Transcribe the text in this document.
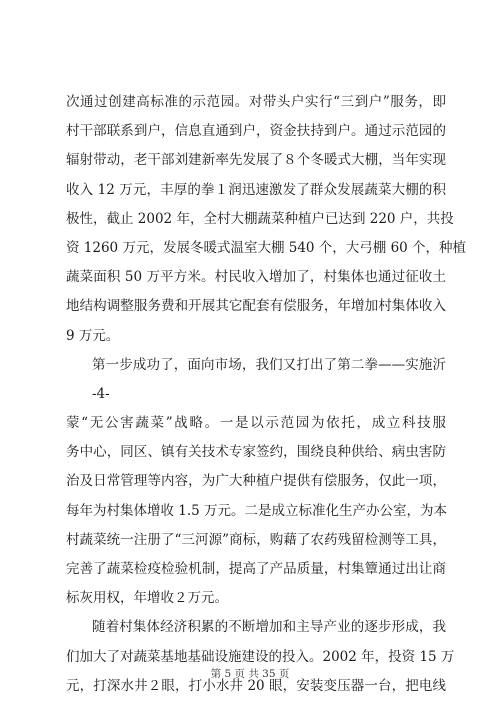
次通过创建高标准的示范园。对带头户实行“三到户”服务，即
村干部联系到户，信息直通到户，资金扶持到户。通过示范园的
辐射带动，老干部刘建新率先发展了８个冬暖式大棚，当年实现
收入 12 万元，丰厚的拳１润迅速激发了群众发展蔬菜大棚的积
极性，截止 2002 年，全村大棚蔬菜种植户已达到 220 户，共投
资 1260 万元，发展冬暖式温室大棚 540 个，大弓棚 60 个，种植
蔬菜面积 50 万平方米。村民收入增加了，村集体也通过征收土
地结构调整服务费和开展其它配套有偿服务，年增加村集体收入
9 万元。
第一步成功了，面向市场，我们又打出了第二拳——实施沂
-4-
蒙“无公害蔬菜”战略。一是以示范园为依托，成立科技服
务中心，同区、镇有关技术专家签约，围绕良种供给、病虫害防
治及日常管理等内容，为广大种植户提供有偿服务，仅此一项，
每年为村集体增收 1.5 万元。二是成立标准化生产办公室，为本
村蔬菜统一注册了“三河源”商标，购藉了农药残留检测等工具，
完善了蔬菜检疫检验机制，提高了产品质量，村集簟通过出让商
标灰用权，年增收２万元。
随着村集体经济积累的不断增加和主导产业的逐步形成，我
们加大了对蔬菜基地基础设施建设的投入。2002 年，投资 15 万
元，打深水井２眼，打小水井 20 眼，安装变压器一台，把电线
第 5 页 共 35 页
